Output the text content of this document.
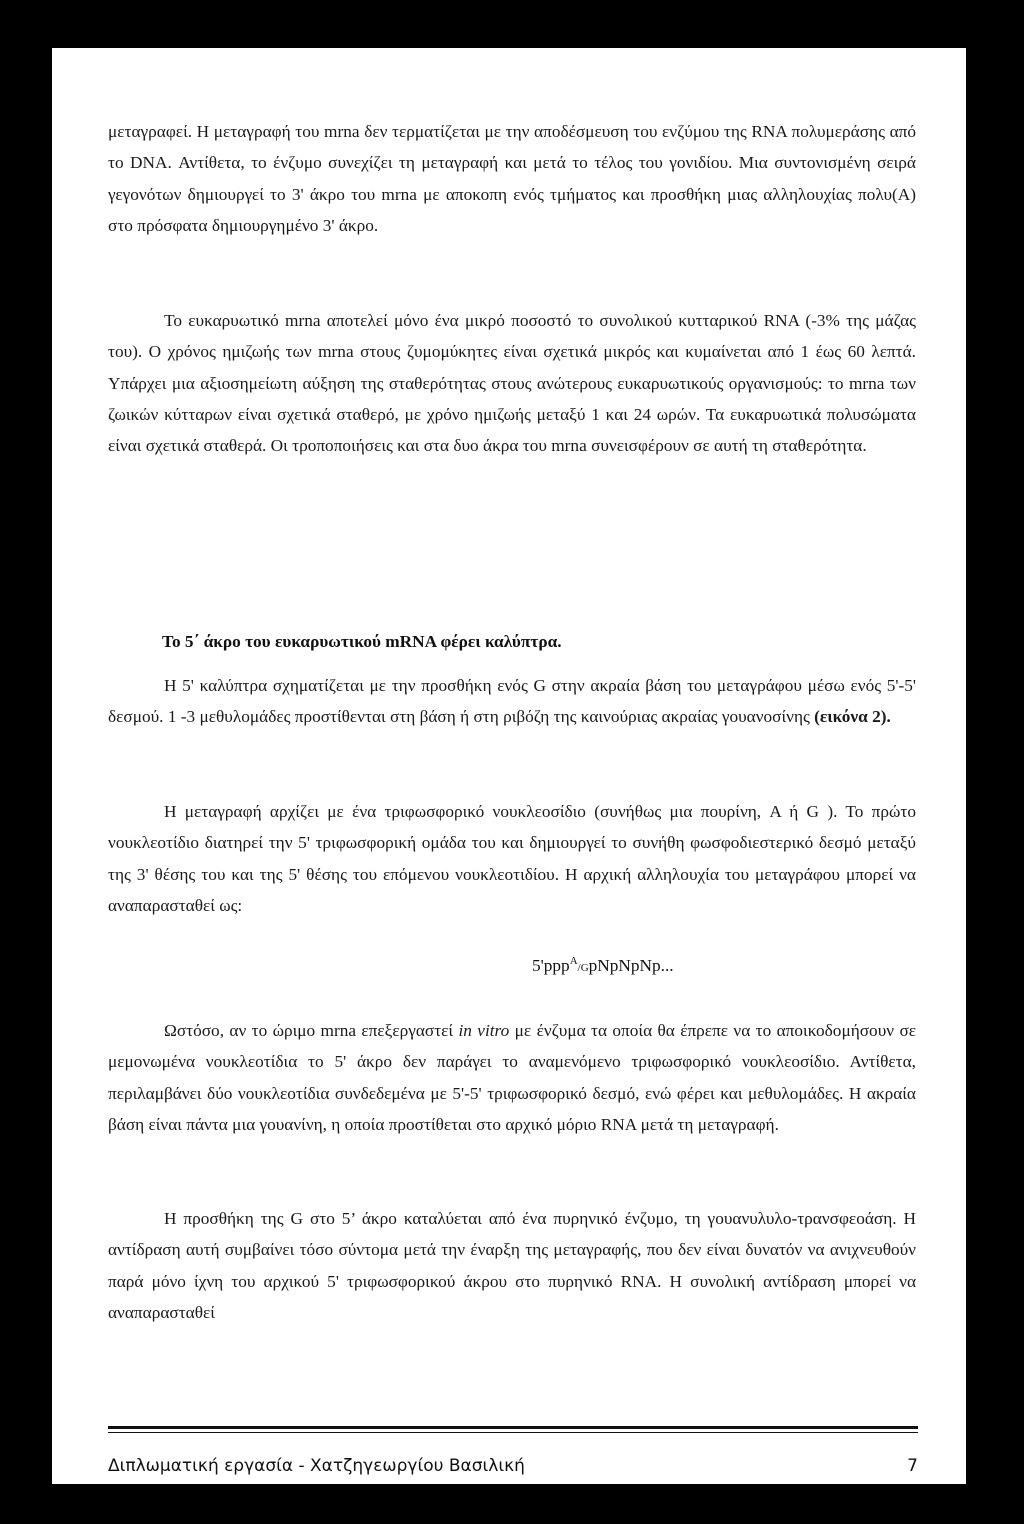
μεταγραφεί. Η μεταγραφή του mrna δεν τερματίζεται με την αποδέσμευση του ενζύμου της RNA πολυμεράσης από το DNA. Αντίθετα, το ένζυμο συνεχίζει τη μεταγραφή και μετά το τέλος του γονιδίου. Μια συντονισμένη σειρά γεγονότων δημιουργεί το 3' άκρο του mrna με αποκοπη ενός τμήματος και προσθήκη μιας αλληλουχίας πολυ(A) στο πρόσφατα δημιουργημένο 3' άκρο.

Το ευκαρυωτικό mrna αποτελεί μόνο ένα μικρό ποσοστό το συνολικού κυτταρικού RNA (-3% της μάζας του). Ο χρόνος ημιζωής των mrna στους ζυμομύκητες είναι σχετικά μικρός και κυμαίνεται από 1 έως 60 λεπτά. Υπάρχει μια αξιοσημείωτη αύξηση της σταθερότητας στους ανώτερους ευκαρυωτικούς οργανισμούς: το mrna των ζωικών κύτταρων είναι σχετικά σταθερό, με χρόνο ημιζωής μεταξύ 1 και 24 ωρών. Τα ευκαρυωτικά πολυσώματα είναι σχετικά σταθερά. Οι τροποποιήσεις και στα δυο άκρα του mrna συνεισφέρουν σε αυτή τη σταθερότητα.

Το 5΄ άκρο του ευκαρυωτικού mRNA φέρει καλύπτρα.

Η 5' καλύπτρα σχηματίζεται με την προσθήκη ενός G στην ακραία βάση του μεταγράφου μέσω ενός 5'-5' δεσμού. 1 -3 μεθυλομάδες προστίθενται στη βάση ή στη ριβόζη της καινούριας ακραίας γουανοσίνης (εικόνα 2).

Η μεταγραφή αρχίζει με ένα τριφωσφορικό νουκλεοσίδιο (συνήθως μια πουρίνη, A ή G ). Το πρώτο νουκλεοτίδιο διατηρεί την 5' τριφωσφορική ομάδα του και δημιουργεί το συνήθη φωσφοδιεστερικό δεσμό μεταξύ της 3' θέσης του και της 5' θέσης του επόμενου νουκλεοτιδίου. Η αρχική αλληλουχία του μεταγράφου μπορεί να αναπαρασταθεί ως:

5'ppp$^A$/GpNpNpNp...

Ωστόσο, αν το ώριμο mrna επεξεργαστεί in vitro με ένζυμα τα οποία θα έπρεπε να το αποικοδομήσουν σε μεμονωμένα νουκλεοτίδια το 5' άκρο δεν παράγει το αναμενόμενο τριφωσφορικό νουκλεοσίδιο. Αντίθετα, περιλαμβάνει δύο νουκλεοτίδια συνδεδεμένα με 5'-5' τριφωσφορικό δεσμό, ενώ φέρει και μεθυλομάδες. Η ακραία βάση είναι πάντα μια γουανίνη, η οποία προστίθεται στο αρχικό μόριο RNA μετά τη μεταγραφή.

Η προσθήκη της G στο 5’ άκρο καταλύεται από ένα πυρηνικό ένζυμο, τη γουανυλυλο-τρανσφεοάση. Η αντίδραση αυτή συμβαίνει τόσο σύντομα μετά την έναρξη της μεταγραφής, που δεν είναι δυνατόν να ανιχνευθούν παρά μόνο ίχνη του αρχικού 5' τριφωσφορικού άκρου στο πυρηνικό RNA. Η συνολική αντίδραση μπορεί να αναπαρασταθεί

Διπλωματική εργασία - Χατζηγεωργίου Βασιλική	7
